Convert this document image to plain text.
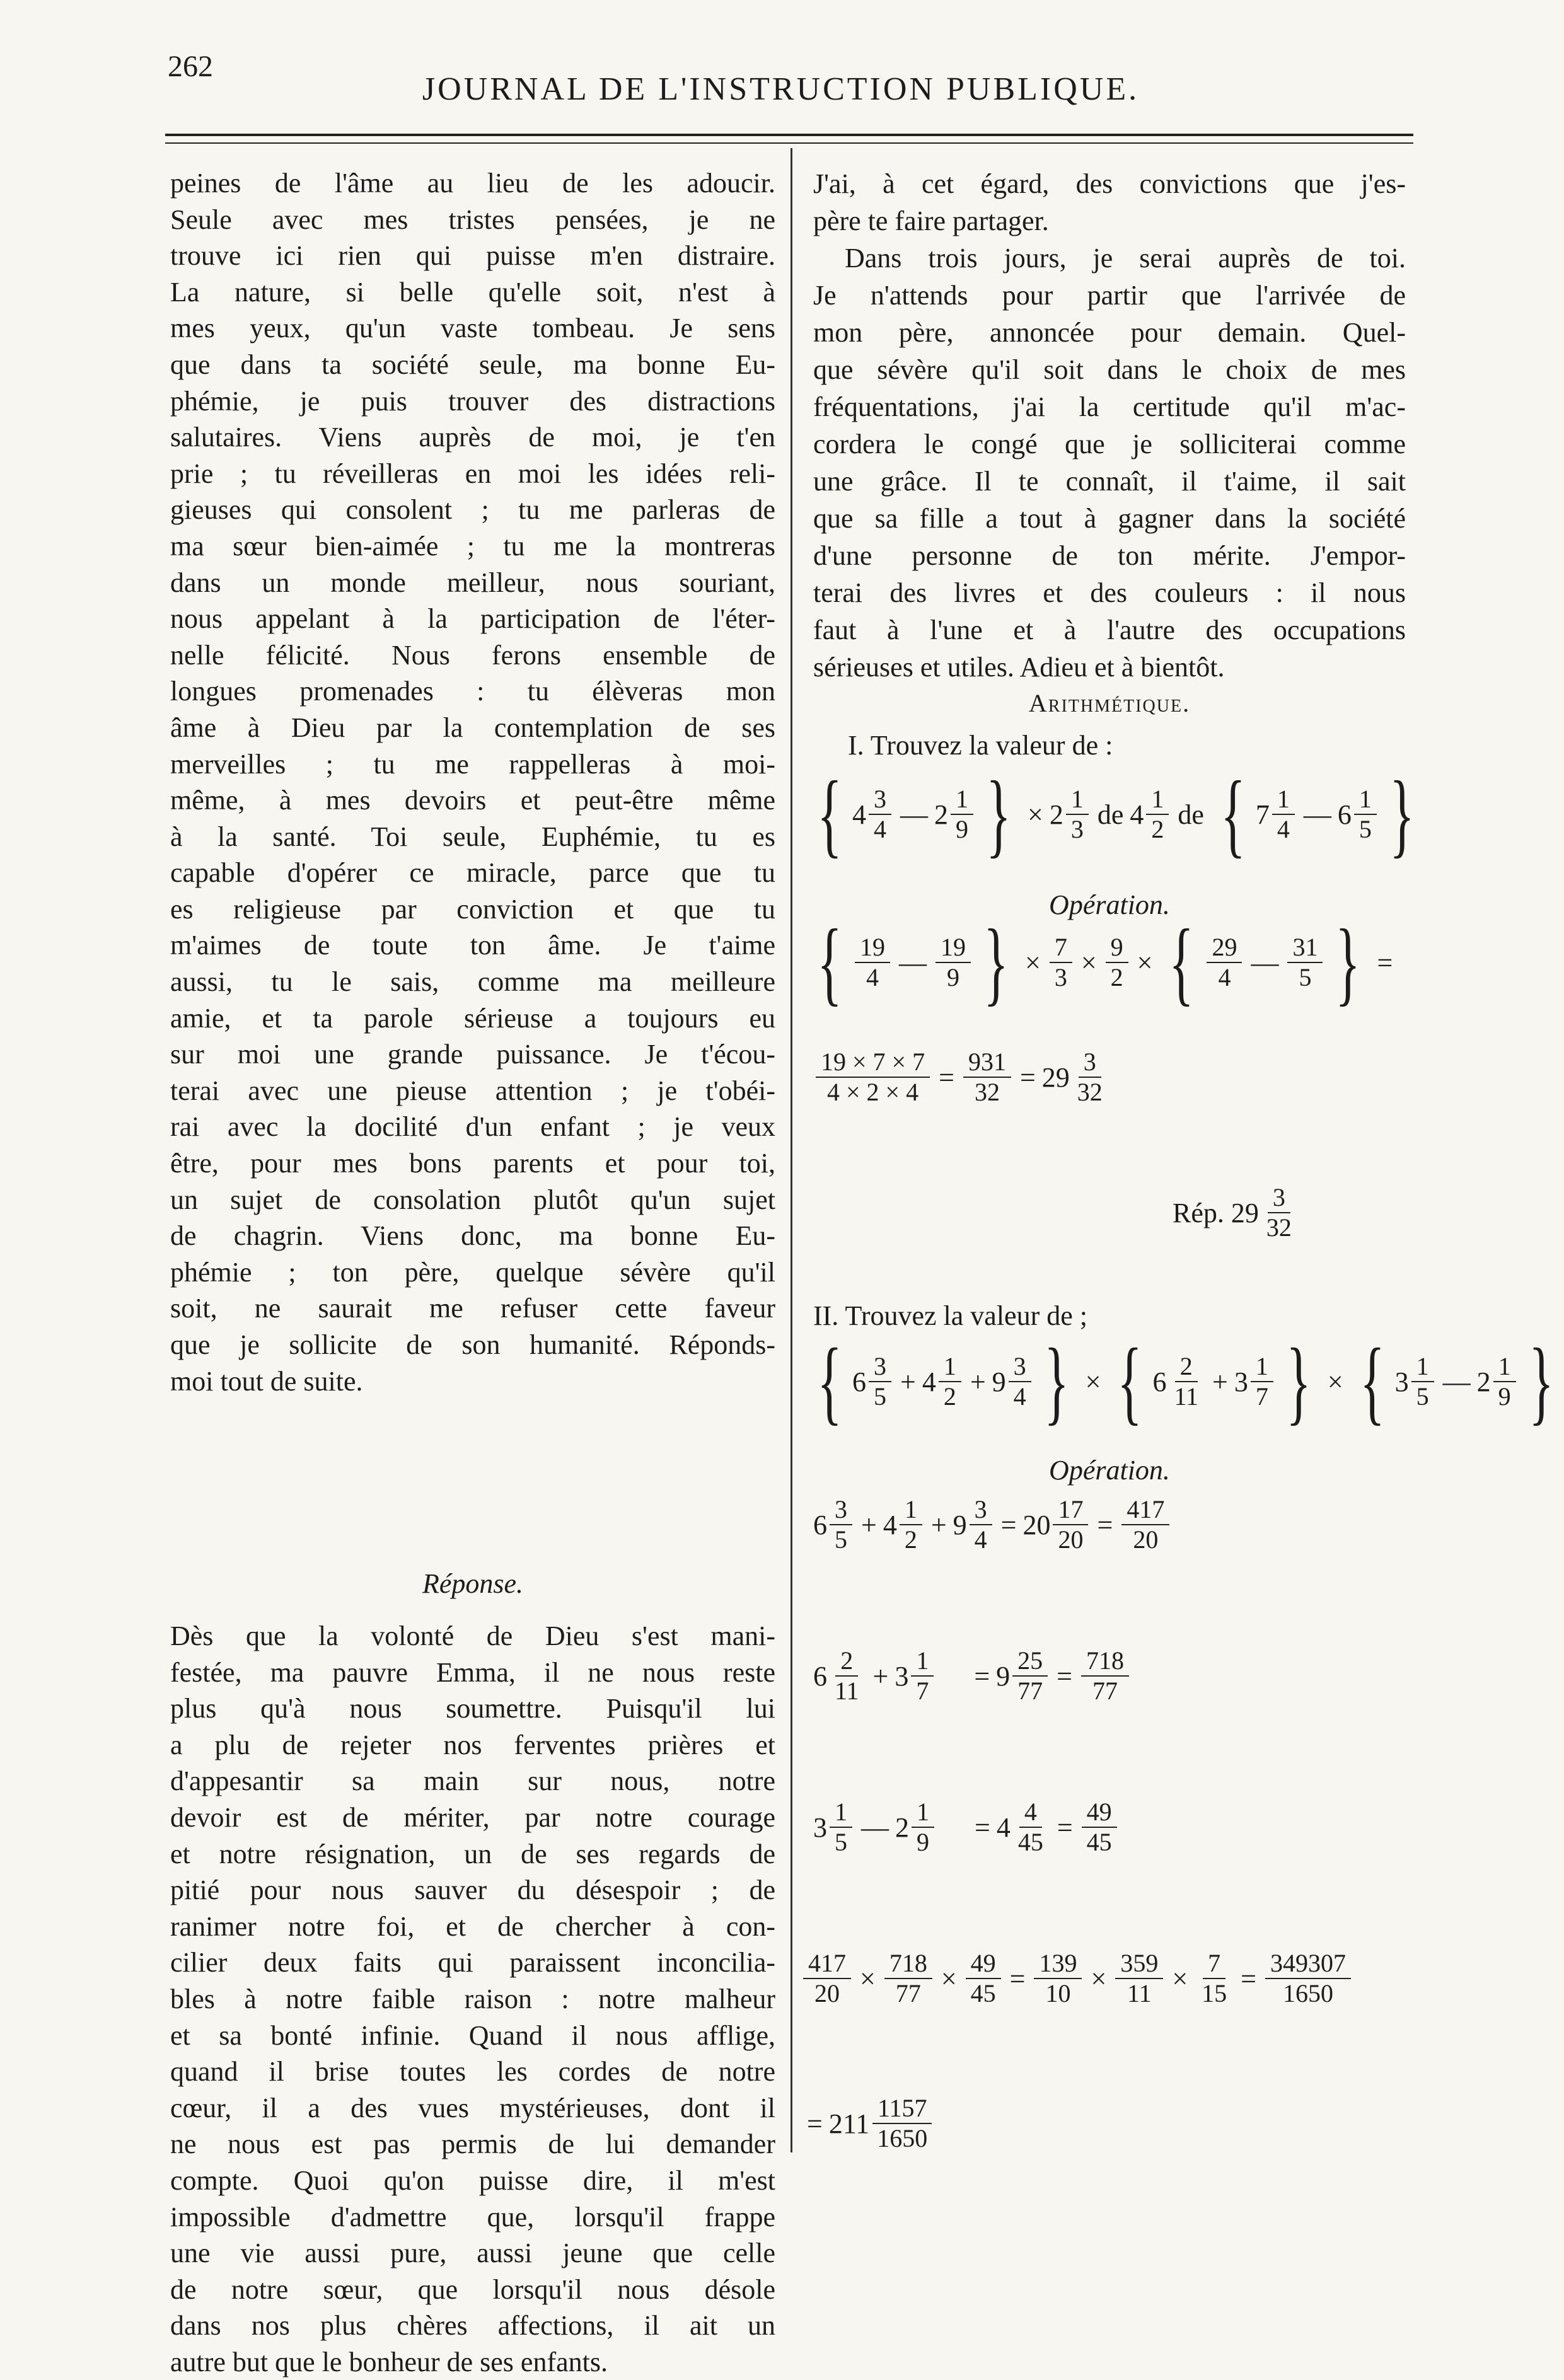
262
JOURNAL DE L'INSTRUCTION PUBLIQUE.
peines de l'âme au lieu de les adoucir.
Seule avec mes tristes pensées, je ne
trouve ici rien qui puisse m'en distraire.
La nature, si belle qu'elle soit, n'est à
mes yeux, qu'un vaste tombeau. Je sens
que dans ta société seule, ma bonne Eu-
phémie, je puis trouver des distractions
salutaires. Viens auprès de moi, je t'en
prie ; tu réveilleras en moi les idées reli-
gieuses qui consolent ; tu me parleras de
ma sœur bien-aimée ; tu me la montreras
dans un monde meilleur, nous souriant,
nous appelant à la participation de l'éter-
nelle félicité. Nous ferons ensemble de
longues promenades : tu élèveras mon
âme à Dieu par la contemplation de ses
merveilles ; tu me rappelleras à moi-
même, à mes devoirs et peut-être même
à la santé. Toi seule, Euphémie, tu es
capable d'opérer ce miracle, parce que tu
es religieuse par conviction et que tu
m'aimes de toute ton âme. Je t'aime
aussi, tu le sais, comme ma meilleure
amie, et ta parole sérieuse a toujours eu
sur moi une grande puissance. Je t'écou-
terai avec une pieuse attention ; je t'obéi-
rai avec la docilité d'un enfant ; je veux
être, pour mes bons parents et pour toi,
un sujet de consolation plutôt qu'un sujet
de chagrin. Viens donc, ma bonne Eu-
phémie ; ton père, quelque sévère qu'il
soit, ne saurait me refuser cette faveur
que je sollicite de son humanité. Réponds-
moi tout de suite.

Réponse.

Dès que la volonté de Dieu s'est mani-
festée, ma pauvre Emma, il ne nous reste
plus qu'à nous soumettre. Puisqu'il lui
a plu de rejeter nos ferventes prières et
d'appesantir sa main sur nous, notre
devoir est de mériter, par notre courage
et notre résignation, un de ses regards de
pitié pour nous sauver du désespoir ; de
ranimer notre foi, et de chercher à con-
cilier deux faits qui paraissent inconcilia-
bles à notre faible raison : notre malheur
et sa bonté infinie. Quand il nous afflige,
quand il brise toutes les cordes de notre
cœur, il a des vues mystérieuses, dont il
ne nous est pas permis de lui demander
compte. Quoi qu'on puisse dire, il m'est
impossible d'admettre que, lorsqu'il frappe
une vie aussi pure, aussi jeune que celle
de notre sœur, que lorsqu'il nous désole
dans nos plus chères affections, il ait un
autre but que le bonheur de ses enfants.
J'ai, à cet égard, des convictions que j'es-
père te faire partager.
Dans trois jours, je serai auprès de toi.
Je n'attends pour partir que l'arrivée de
mon père, annoncée pour demain. Quel-
que sévère qu'il soit dans le choix de mes
fréquentations, j'ai la certitude qu'il m'ac-
cordera le congé que je solliciterai comme
une grâce. Il te connaît, il t'aime, il sait
que sa fille a tout à gagner dans la société
d'une personne de ton mérite. J'empor-
terai des livres et des couleurs : il nous
faut à l'une et à l'autre des occupations
sérieuses et utiles. Adieu et à bientôt.
Arithmétique.
I. Trouvez la valeur de :
{ $4 \frac{3}{4}$ — $2 \frac{1}{9}$ } × $2 \frac{1}{3}$ de $4 \frac{1}{2}$ de { $7 \frac{1}{4}$ — $6 \frac{1}{5}$ }
Opération.
{ $\frac{19}{4}$ — $\frac{19}{9}$ } × $\frac{7}{3} \times \frac{9}{2}$ × { $\frac{29}{4}$ — $\frac{31}{5}$ } =
$\frac{19 \times 7 \times 7}{4 \times 2 \times 4} = \frac{931}{32} = 29 \frac{3}{32}$
Rép. $29 \frac{3}{32}$
II. Trouvez la valeur de ;
{ $6 \frac{3}{5} + 4 \frac{1}{2} + 9 \frac{3}{4}$ } × { $6 \frac{2}{11} + 3 \frac{1}{7}$ } × { $3 \frac{1}{5}$ — $2 \frac{1}{9}$ }
Opération.
$6 \frac{3}{5} + 4 \frac{1}{2} + 9 \frac{3}{4} = 20 \frac{17}{20} = \frac{417}{20}$
$6 \frac{2}{11} + 3 \frac{1}{7} = 9 \frac{25}{77} = \frac{718}{77}$
$3 \frac{1}{5}$ — $2 \frac{1}{9} = 4 \frac{4}{45} = \frac{49}{45}$
$\frac{417}{20} \times \frac{718}{77} \times \frac{49}{45} = \frac{139}{10} \times \frac{359}{11} \times \frac{7}{15} = \frac{349307}{1650}$
= $211 \frac{1157}{1650}$
